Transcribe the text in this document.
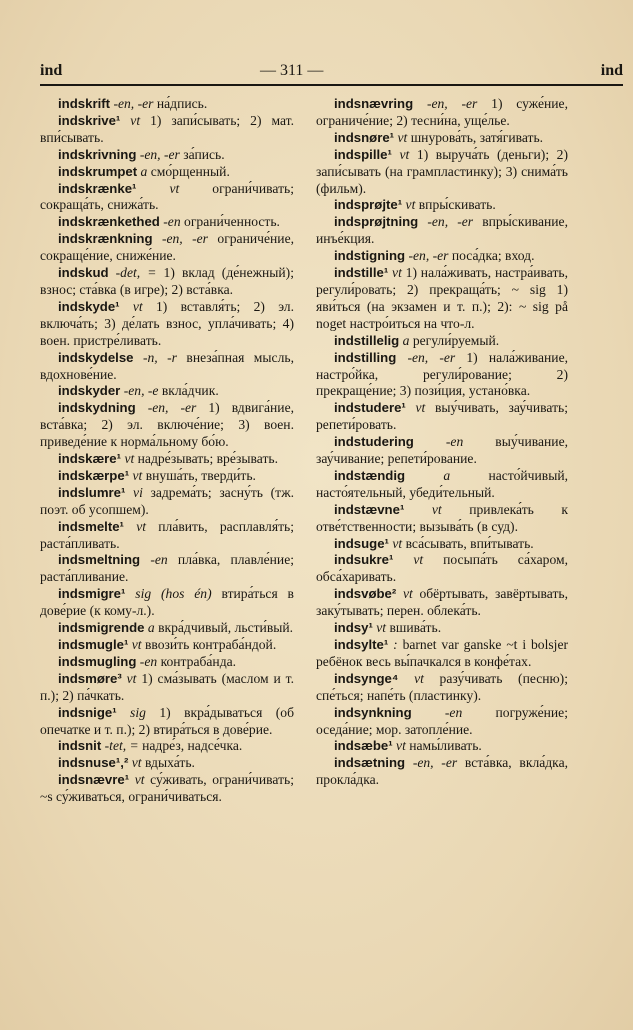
ind	— 311 —	ind

indskrift -en, -er на́дпись.

indskrive¹ vt 1) запи́сывать; 2) мат. впи́сывать.

indskrivning -en, -er за́пись.

indskrumpet a смо́рщенный.

indskrænke¹ vt ограни́чивать; сокраща́ть, снижа́ть.

indskrænkethed -en ограни́ченность.

indskrænkning -en, -er ограниче́ние, сокраще́ние, сниже́ние.

indskud -det, = 1) вклад (де́нежный); взнос; ста́вка (в игре); 2) вста́вка.

indskyde¹ vt 1) вставля́ть; 2) эл. включа́ть; 3) де́лать взнос, упла́чивать; 4) воен. пристре́ливать.

indskydelse -n, -r внеза́пная мысль, вдохнове́ние.

indskyder -en, -e вкла́дчик.

indskydning -en, -er 1) вдвига́ние, вста́вка; 2) эл. включе́ние; 3) воен. приведе́ние к норма́льному бо́ю.

indskære¹ vt надре́зывать; вре́зывать.

indskærpe¹ vt внуша́ть, тверди́ть.

indslumre¹ vi задрема́ть; засну́ть (тж. поэт. об усопшем).

indsmelte¹ vt пла́вить, расплавля́ть; раста́пливать.

indsmeltning -en пла́вка, плавле́ние; раста́пливание.

indsmigre¹ sig (hos én) втира́ться в дове́рие (к кому-л.).

indsmigrende a вкра́дчивый, льсти́вый.

indsmugle¹ vt ввози́ть контраба́ндой.

indsmugling -en контраба́нда.

indsmøre³ vt 1) сма́зывать (маслом и т. п.); 2) па́чкать.

indsnige¹ sig 1) вкра́дываться (об опечатке и т. п.); 2) втира́ться в дове́рие.

indsnit -tet, = надре́з, надсе́чка.

indsnuse¹,² vt вдыха́ть.

indsnævre¹ vt су́живать, ограни́чивать; ~s су́живаться, ограни́чиваться.

indsnævring -en, -er 1) суже́ние, ограниче́ние; 2) тесни́на, уще́лье.

indsnøre¹ vt шнурова́ть, затя́гивать.

indspille¹ vt 1) выруча́ть (деньги); 2) запи́сывать (на грампластинку); 3) снима́ть (фильм).

indsprøjte¹ vt впры́скивать.

indsprøjtning -en, -er впры́скивание, инъе́кция.

indstigning -en, -er поса́дка; вход.

indstille¹ vt 1) нала́живать, настра́ивать, регули́ровать; 2) прекраща́ть; ~ sig 1) яви́ться (на экзамен и т. п.); 2): ~ sig på noget настро́иться на что-л.

indstillelig a регули́руемый.

indstilling -en, -er 1) нала́живание, настро́йка, регули́рование; 2) прекраще́ние; 3) пози́ция, устано́вка.

indstudere¹ vt выу́чивать, зау́чивать; репети́ровать.

indstudering -en выу́чивание, зау́чивание; репети́рование.

indstændig	a	насто́йчивый, насто́ятельный, убеди́тельный.

indstævne¹ vt привлека́ть к отве́тственности; вызыва́ть (в суд).

indsuge¹ vt вса́сывать, впи́тывать.

indsukre¹ vt посыпа́ть са́харом, обса́харивать.

indsvøbe² vt обёртывать, завёртывать, заку́тывать; перен. облека́ть.

indsy¹ vt вшива́ть.

indsylte¹ : barnet var ganske ~t i bolsjer ребёнок весь вы́пачкался в конфе́тах.

indsynge⁴ vt разу́чивать (песню); спе́ться; напе́ть (пластинку).

indsynkning -en погруже́ние; оседа́ние; мор. затопле́ние.

indsæbe¹ vt намы́ливать.

indsætning -en, -er вста́вка, вкла́дка, прокла́дка.
